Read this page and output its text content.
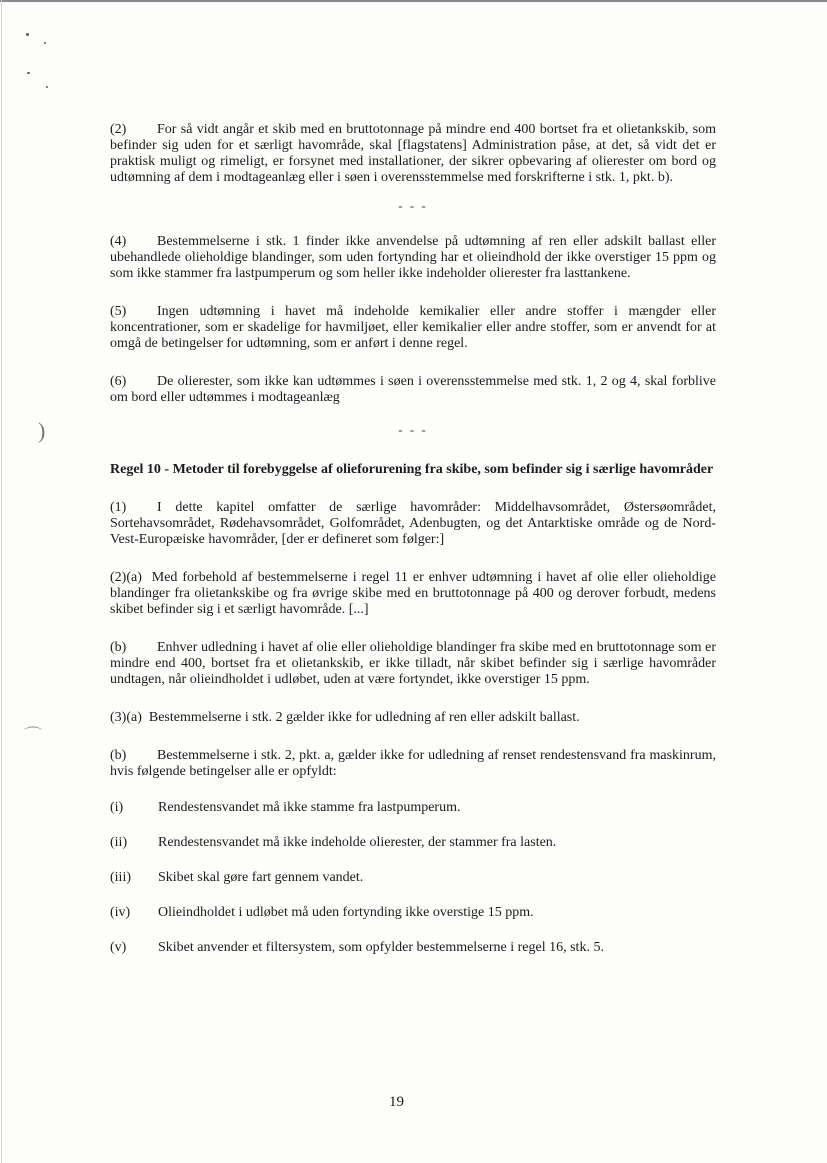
)
⌒

(2) For så vidt angår et skib med en bruttotonnage på mindre end 400 bortset fra et olietankskib, som befinder sig uden for et særligt havområde, skal [flagstatens] Administration påse, at det, så vidt det er praktisk muligt og rimeligt, er forsynet med installationer, der sikrer opbevaring af olierester om bord og udtømning af dem i modtageanlæg eller i søen i overensstemmelse med forskrifterne i stk. 1, pkt. b).

- - -

(4) Bestemmelserne i stk. 1 finder ikke anvendelse på udtømning af ren eller adskilt ballast eller ubehandlede olieholdige blandinger, som uden fortynding har et olieindhold der ikke overstiger 15 ppm og som ikke stammer fra lastpumperum og som heller ikke indeholder olierester fra lasttankene.

(5) Ingen udtømning i havet må indeholde kemikalier eller andre stoffer i mængder eller koncentrationer, som er skadelige for havmiljøet, eller kemikalier eller andre stoffer, som er anvendt for at omgå de betingelser for udtømning, som er anført i denne regel.

(6) De olierester, som ikke kan udtømmes i søen i overensstemmelse med stk. 1, 2 og 4, skal forblive om bord eller udtømmes i modtageanlæg

- - -

Regel 10 - Metoder til forebyggelse af olieforurening fra skibe, som befinder sig i særlige havområder

(1) I dette kapitel omfatter de særlige havområder: Middelhavsområdet, Østersøområdet, Sortehavsområdet, Rødehavsområdet, Golfområdet, Adenbugten, og det Antarktiske område og de Nord-Vest-Europæiske havområder, [der er defineret som følger:]

(2)(a) Med forbehold af bestemmelserne i regel 11 er enhver udtømning i havet af olie eller olieholdige blandinger fra olietankskibe og fra øvrige skibe med en bruttotonnage på 400 og derover forbudt, medens skibet befinder sig i et særligt havområde. [...]

(b) Enhver udledning i havet af olie eller olieholdige blandinger fra skibe med en bruttotonnage som er mindre end 400, bortset fra et olietankskib, er ikke tilladt, når skibet befinder sig i særlige havområder undtagen, når olieindholdet i udløbet, uden at være fortyndet, ikke overstiger 15 ppm.

(3)(a) Bestemmelserne i stk. 2 gælder ikke for udledning af ren eller adskilt ballast.

(b) Bestemmelserne i stk. 2, pkt. a, gælder ikke for udledning af renset rendestensvand fra maskinrum, hvis følgende betingelser alle er opfyldt:

(i)	Rendestensvandet må ikke stamme fra lastpumperum.
(ii)	Rendestensvandet må ikke indeholde olierester, der stammer fra lasten.
(iii)	Skibet skal gøre fart gennem vandet.
(iv)	Olieindholdet i udløbet må uden fortynding ikke overstige 15 ppm.
(v)	Skibet anvender et filtersystem, som opfylder bestemmelserne i regel 16, stk. 5.
19
